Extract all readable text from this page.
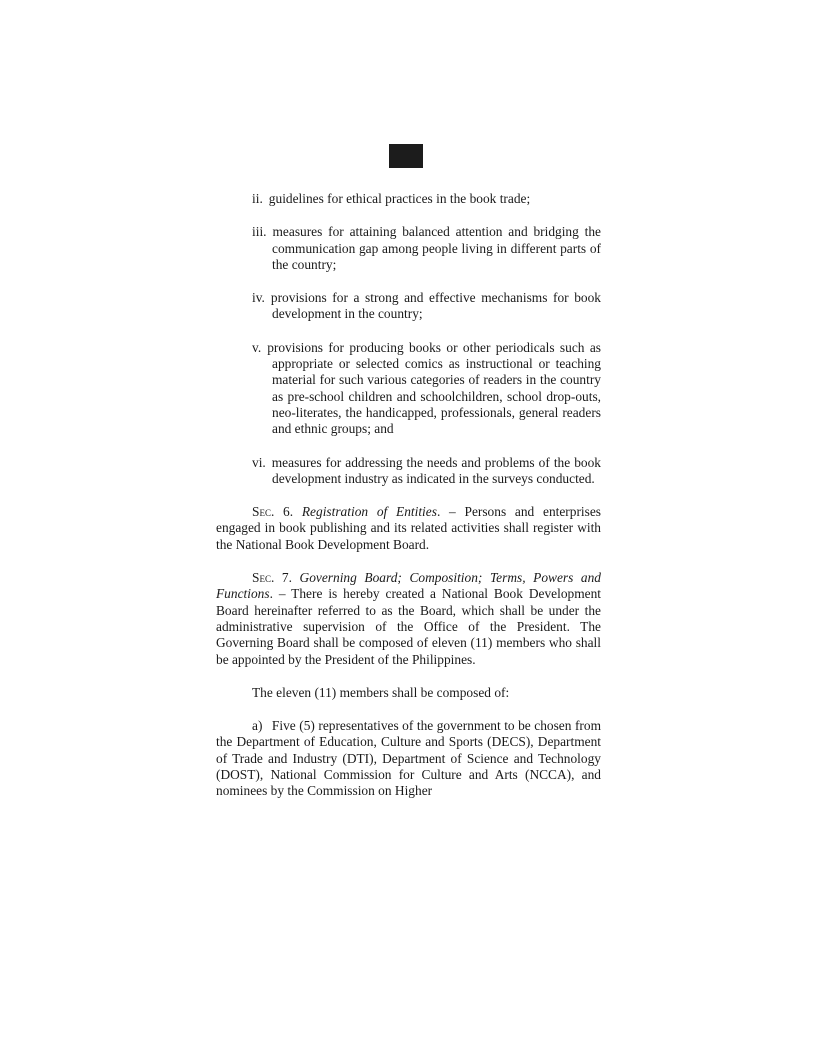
ii. guidelines for ethical practices in the book trade;
iii. measures for attaining balanced attention and bridging the communication gap among people living in different parts of the country;
iv. provisions for a strong and effective mechanisms for book development in the country;
v. provisions for producing books or other periodicals such as appropriate or selected comics as instructional or teaching material for such various categories of readers in the country as pre-school children and schoolchildren, school drop-outs, neo-literates, the handicapped, professionals, general readers and ethnic groups; and
vi. measures for addressing the needs and problems of the book development industry as indicated in the surveys conducted.
Sec. 6. Registration of Entities. – Persons and enterprises engaged in book publishing and its related activities shall register with the National Book Development Board.
Sec. 7. Governing Board; Composition; Terms, Powers and Functions. – There is hereby created a National Book Development Board hereinafter referred to as the Board, which shall be under the administrative supervision of the Office of the President. The Governing Board shall be composed of eleven (11) members who shall be appointed by the President of the Philippines.
The eleven (11) members shall be composed of:
a) Five (5) representatives of the government to be chosen from the Department of Education, Culture and Sports (DECS), Department of Trade and Industry (DTI), Department of Science and Technology (DOST), National Commission for Culture and Arts (NCCA), and nominees by the Commission on Higher
